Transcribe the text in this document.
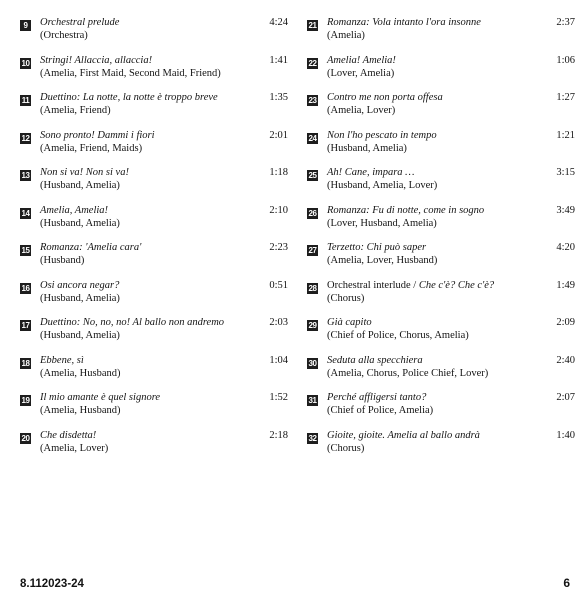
9	Orchestral prelude	4:24
(Orchestra)
10 Stringi! Allaccia, allaccia!	1:41
(Amelia, First Maid, Second Maid, Friend)
11 Duettino: La notte, la notte è troppo breve	1:35
(Amelia, Friend)
12 Sono pronto! Dammi i fiori	2:01
(Amelia, Friend, Maids)
13 Non si va! Non si va!	1:18
(Husband, Amelia)
14 Amelia, Amelia!	2:10
(Husband, Amelia)
15 Romanza: 'Amelia cara'	2:23
(Husband)
16 Osi ancora negar?	0:51
(Husband, Amelia)
17 Duettino: No, no, no! Al ballo non andremo	2:03
(Husband, Amelia)
18 Ebbene, sì	1:04
(Amelia, Husband)
19 Il mio amante è quel signore	1:52
(Amelia, Husband)
20 Che disdetta!	2:18
(Amelia, Lover)
21 Romanza: Vola intanto l'ora insonne	2:37
(Amelia)
22 Amelia! Amelia!	1:06
(Lover, Amelia)
23 Contro me non porta offesa	1:27
(Amelia, Lover)
24 Non l'ho pescato in tempo	1:21
(Husband, Amelia)
25 Ah! Cane, impara …	3:15
(Husband, Amelia, Lover)
26 Romanza: Fu di notte, come in sogno	3:49
(Lover, Husband, Amelia)
27 Terzetto: Chi può saper	4:20
(Amelia, Lover, Husband)
28 Orchestral interlude / Che c'è? Che c'è?	1:49
(Chorus)
29 Già capito	2:09
(Chief of Police, Chorus, Amelia)
30 Seduta alla specchiera	2:40
(Amelia, Chorus, Police Chief, Lover)
31 Perché affligersi tanto?	2:07
(Chief of Police, Amelia)
32 Gioite, gioite. Amelia al ballo andrà	1:40
(Chorus)
8.112023-24	6
